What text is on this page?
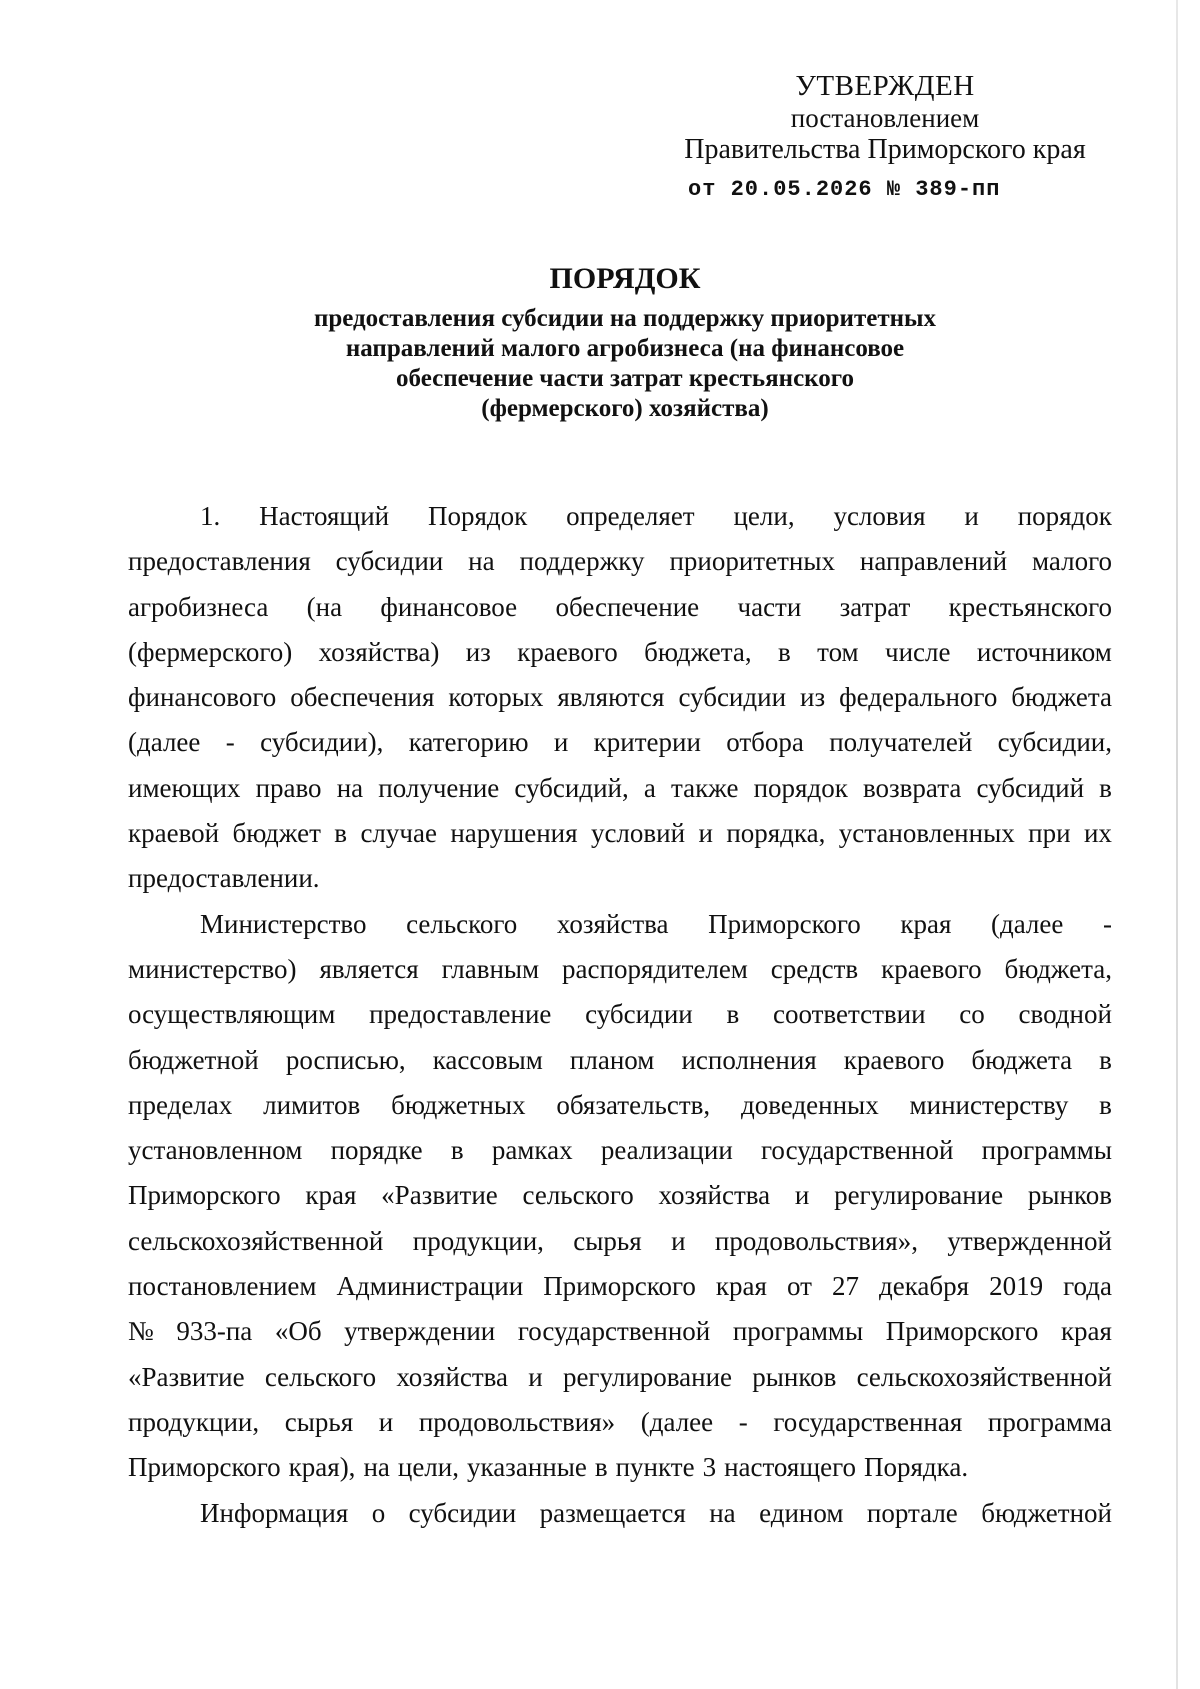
УТВЕРЖДЕН
постановлением
Правительства Приморского края
от 20.05.2026 № 389-пп
ПОРЯДОК
предоставления субсидии на поддержку приоритетных
направлений малого агробизнеса (на финансовое
обеспечение части затрат крестьянского
(фермерского) хозяйства)
1. Настоящий Порядок определяет цели, условия и порядок
предоставления субсидии на поддержку приоритетных направлений малого
агробизнеса (на финансовое обеспечение части затрат крестьянского
(фермерского) хозяйства) из краевого бюджета, в том числе источником
финансового обеспечения которых являются субсидии из федерального бюджета
(далее - субсидии), категорию и критерии отбора получателей субсидии,
имеющих право на получение субсидий, а также порядок возврата субсидий в
краевой бюджет в случае нарушения условий и порядка, установленных при их
предоставлении.
Министерство сельского хозяйства Приморского края (далее -
министерство) является главным распорядителем средств краевого бюджета,
осуществляющим предоставление субсидии в соответствии со сводной
бюджетной росписью, кассовым планом исполнения краевого бюджета в
пределах лимитов бюджетных обязательств, доведенных министерству в
установленном порядке в рамках реализации государственной программы
Приморского края «Развитие сельского хозяйства и регулирование рынков
сельскохозяйственной продукции, сырья и продовольствия», утвержденной
постановлением Администрации Приморского края от 27 декабря 2019 года
№ 933-па «Об утверждении государственной программы Приморского края
«Развитие сельского хозяйства и регулирование рынков сельскохозяйственной
продукции, сырья и продовольствия» (далее - государственная программа
Приморского края), на цели, указанные в пункте 3 настоящего Порядка.
Информация о субсидии размещается на едином портале бюджетной
